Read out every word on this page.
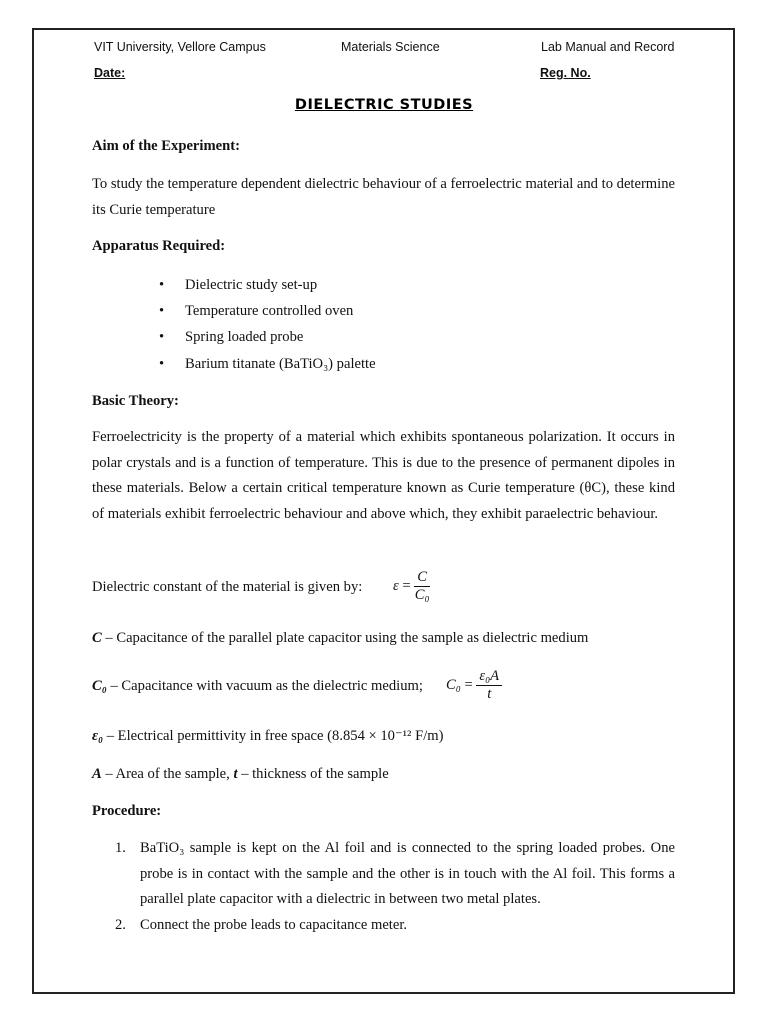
VIT University, Vellore Campus	Materials Science	Lab Manual and Record
Date:	Reg. No.
DIELECTRIC STUDIES
Aim of the Experiment:
To study the temperature dependent dielectric behaviour of a ferroelectric material and to determine its Curie temperature
Apparatus Required:
• Dielectric study set-up
• Temperature controlled oven
• Spring loaded probe
• Barium titanate (BaTiO₃) palette
Basic Theory:
Ferroelectricity is the property of a material which exhibits spontaneous polarization. It occurs in polar crystals and is a function of temperature. This is due to the presence of permanent dipoles in these materials. Below a certain critical temperature known as Curie temperature (θC), these kind of materials exhibit ferroelectric behaviour and above which, they exhibit paraelectric behaviour.
Dielectric constant of the material is given by: $\varepsilon = \frac{C}{\text{C₀}}$
C – Capacitance of the parallel plate capacitor using the sample as dielectric medium
C₀ – Capacitance with vacuum as the dielectric medium; $C_0 = \frac{\text{ε₀A}}{t}$
ε₀ – Electrical permittivity in free space (8.854 × 10⁻¹² F/m)
A – Area of the sample, t – thickness of the sample
Procedure:
1. BaTiO₃ sample is kept on the Al foil and is connected to the spring loaded probes. One probe is in contact with the sample and the other is in touch with the Al foil. This forms a parallel plate capacitor with a dielectric in between two metal plates.
2. Connect the probe leads to capacitance meter.
